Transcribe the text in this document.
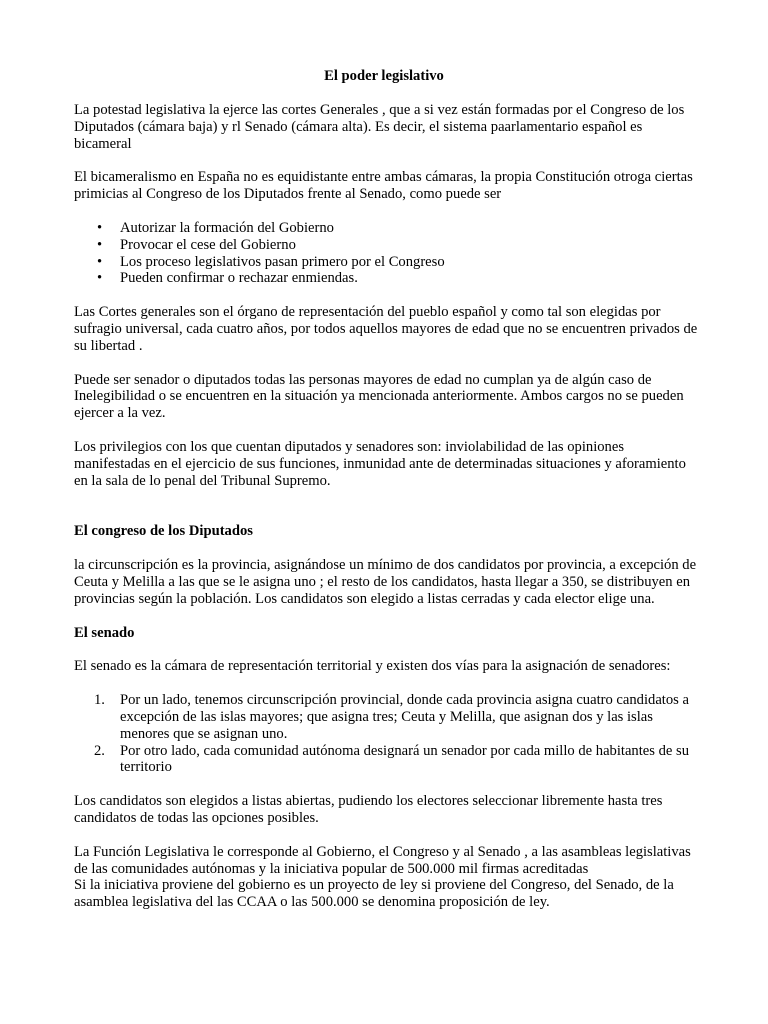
El poder legislativo

La potestad legislativa la ejerce las cortes Generales , que a si vez están formadas por el Congreso de los Diputados (cámara baja) y rl Senado (cámara alta). Es decir, el sistema paarlamentario español es bicameral

El bicameralismo en España no es equidistante entre ambas cámaras, la propia Constitución otroga ciertas primicias al Congreso de los Diputados frente al Senado, como puede ser

• Autorizar la formación del Gobierno
• Provocar el cese del Gobierno
• Los proceso legislativos pasan primero por el Congreso
• Pueden confirmar o rechazar enmiendas.

Las Cortes generales son el órgano de representación del pueblo español y como tal son elegidas por sufragio universal, cada cuatro años, por todos aquellos mayores de edad que no se encuentren privados de su libertad .

Puede ser senador o diputados todas las personas mayores de edad no cumplan ya de algún caso de Inelegibilidad o se encuentren en la situación ya mencionada anteriormente. Ambos cargos no se pueden ejercer a la vez.

Los privilegios con los que cuentan diputados y senadores son: inviolabilidad de las opiniones manifestadas en el ejercicio de sus funciones, inmunidad ante de determinadas situaciones y aforamiento en la sala de lo penal del Tribunal Supremo.

El congreso de los Diputados

la circunscripción es la provincia, asignándose un mínimo de dos candidatos por provincia, a excepción de Ceuta y Melilla a las que se le asigna uno ; el resto de los candidatos, hasta llegar a 350, se distribuyen en provincias según la población. Los candidatos son elegido a listas cerradas y cada elector elige una.

El senado

El senado es la cámara de representación territorial y existen dos vías para la asignación de senadores:

1. Por un lado, tenemos circunscripción provincial, donde cada provincia asigna cuatro candidatos a excepción de las islas mayores; que asigna tres; Ceuta y Melilla, que asignan dos y las islas menores que se asignan uno.
2. Por otro lado, cada comunidad autónoma designará un senador por cada millo de habitantes de su territorio

Los candidatos son elegidos a listas abiertas, pudiendo los electores seleccionar libremente hasta tres candidatos de todas las opciones posibles.

La Función Legislativa le corresponde al Gobierno, el Congreso y al Senado , a las asambleas legislativas de las comunidades autónomas y la iniciativa popular de 500.000 mil firmas acreditadas
Si la iniciativa proviene del gobierno es un proyecto de ley si proviene del Congreso, del Senado, de la asamblea legislativa del las CCAA o las 500.000 se denomina proposición de ley.
